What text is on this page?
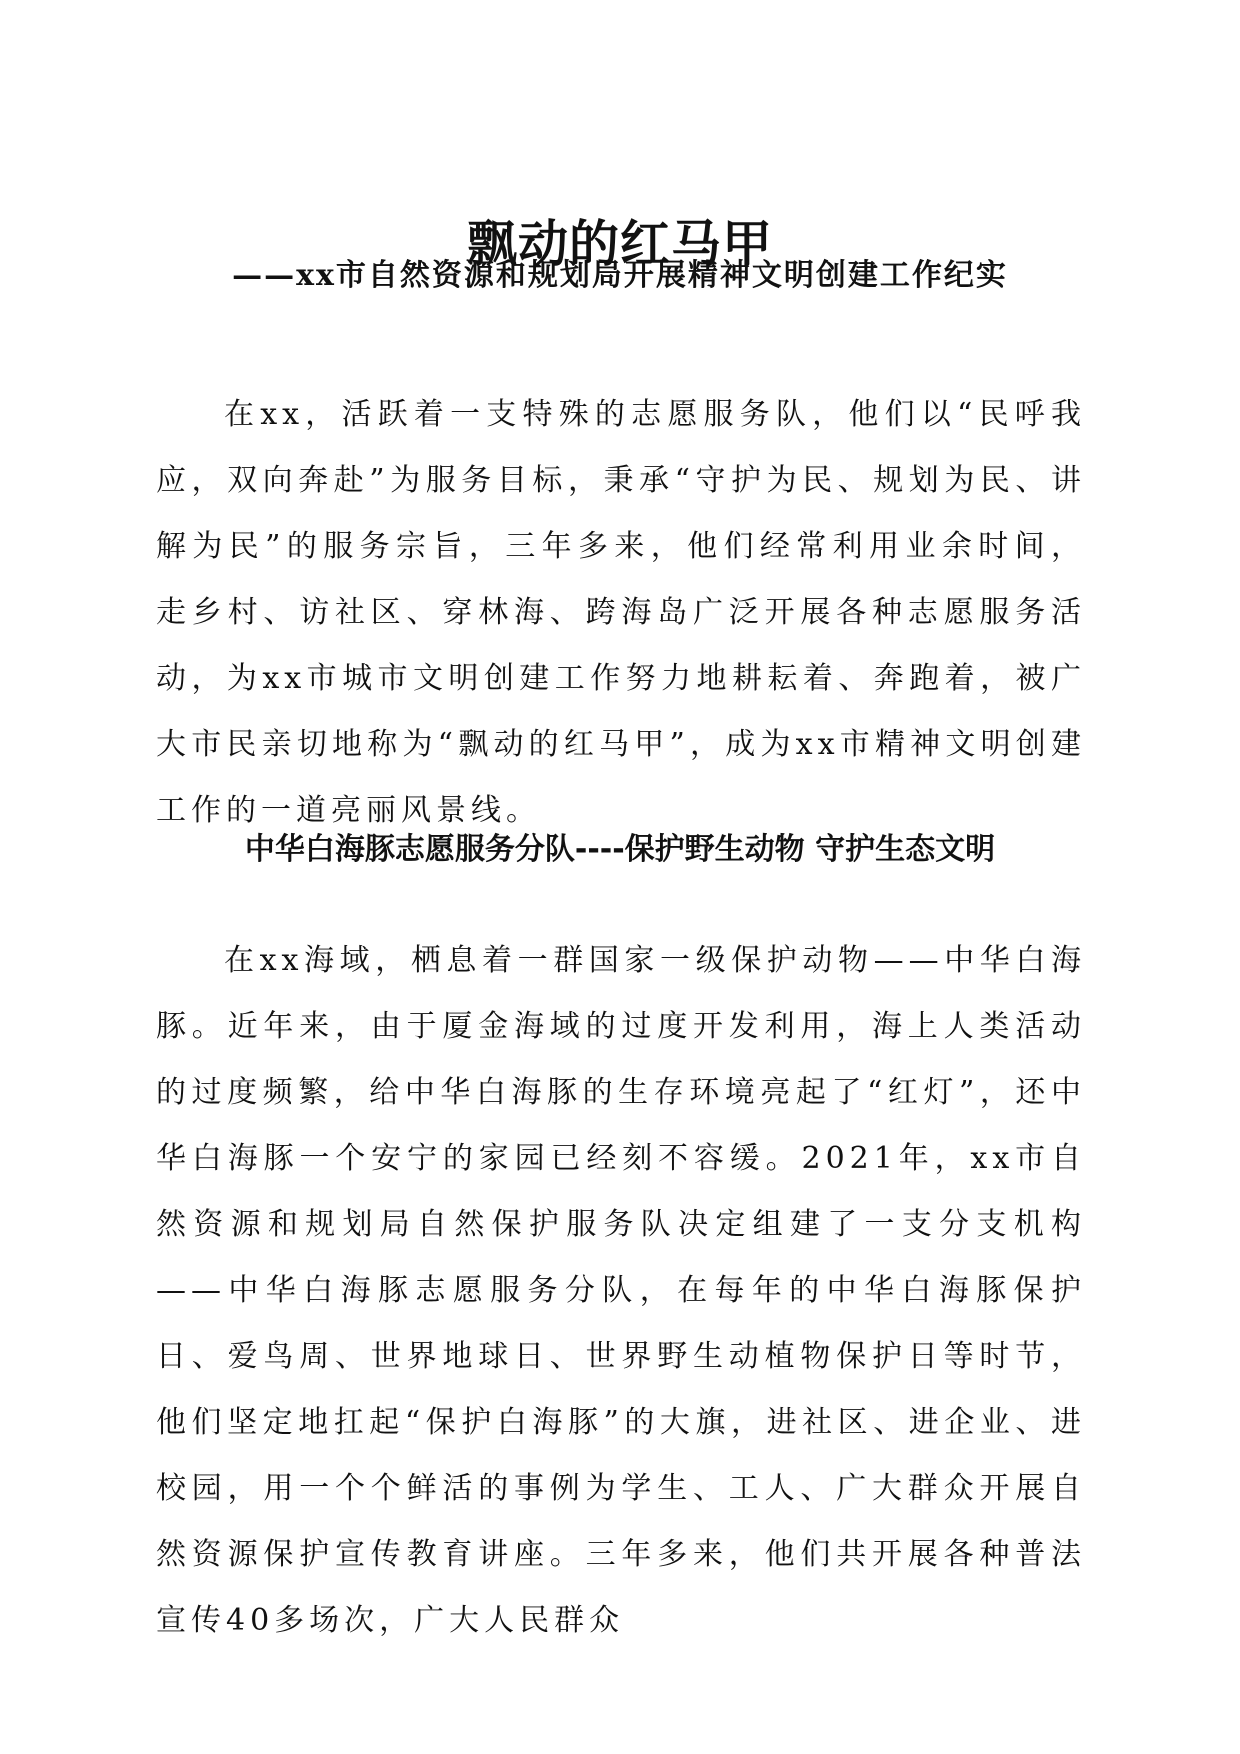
飘动的红马甲
——xx市自然资源和规划局开展精神文明创建工作纪实

在xx，活跃着一支特殊的志愿服务队，他们以“民呼我应，双向奔赴”为服务目标，秉承“守护为民、规划为民、讲解为民”的服务宗旨，三年多来，他们经常利用业余时间，走乡村、访社区、穿林海、跨海岛广泛开展各种志愿服务活动，为xx市城市文明创建工作努力地耕耘着、奔跑着，被广大市民亲切地称为“飘动的红马甲”，成为xx市精神文明创建工作的一道亮丽风景线。

中华白海豚志愿服务分队----保护野生动物 守护生态文明

在xx海域，栖息着一群国家一级保护动物——中华白海豚。近年来，由于厦金海域的过度开发利用，海上人类活动的过度频繁，给中华白海豚的生存环境亮起了“红灯”，还中华白海豚一个安宁的家园已经刻不容缓。2021年，xx市自然资源和规划局自然保护服务队决定组建了一支分支机构——中华白海豚志愿服务分队，在每年的中华白海豚保护日、爱鸟周、世界地球日、世界野生动植物保护日等时节，他们坚定地扛起“保护白海豚”的大旗，进社区、进企业、进校园，用一个个鲜活的事例为学生、工人、广大群众开展自然资源保护宣传教育讲座。三年多来，他们共开展各种普法宣传40多场次，广大人民群众
